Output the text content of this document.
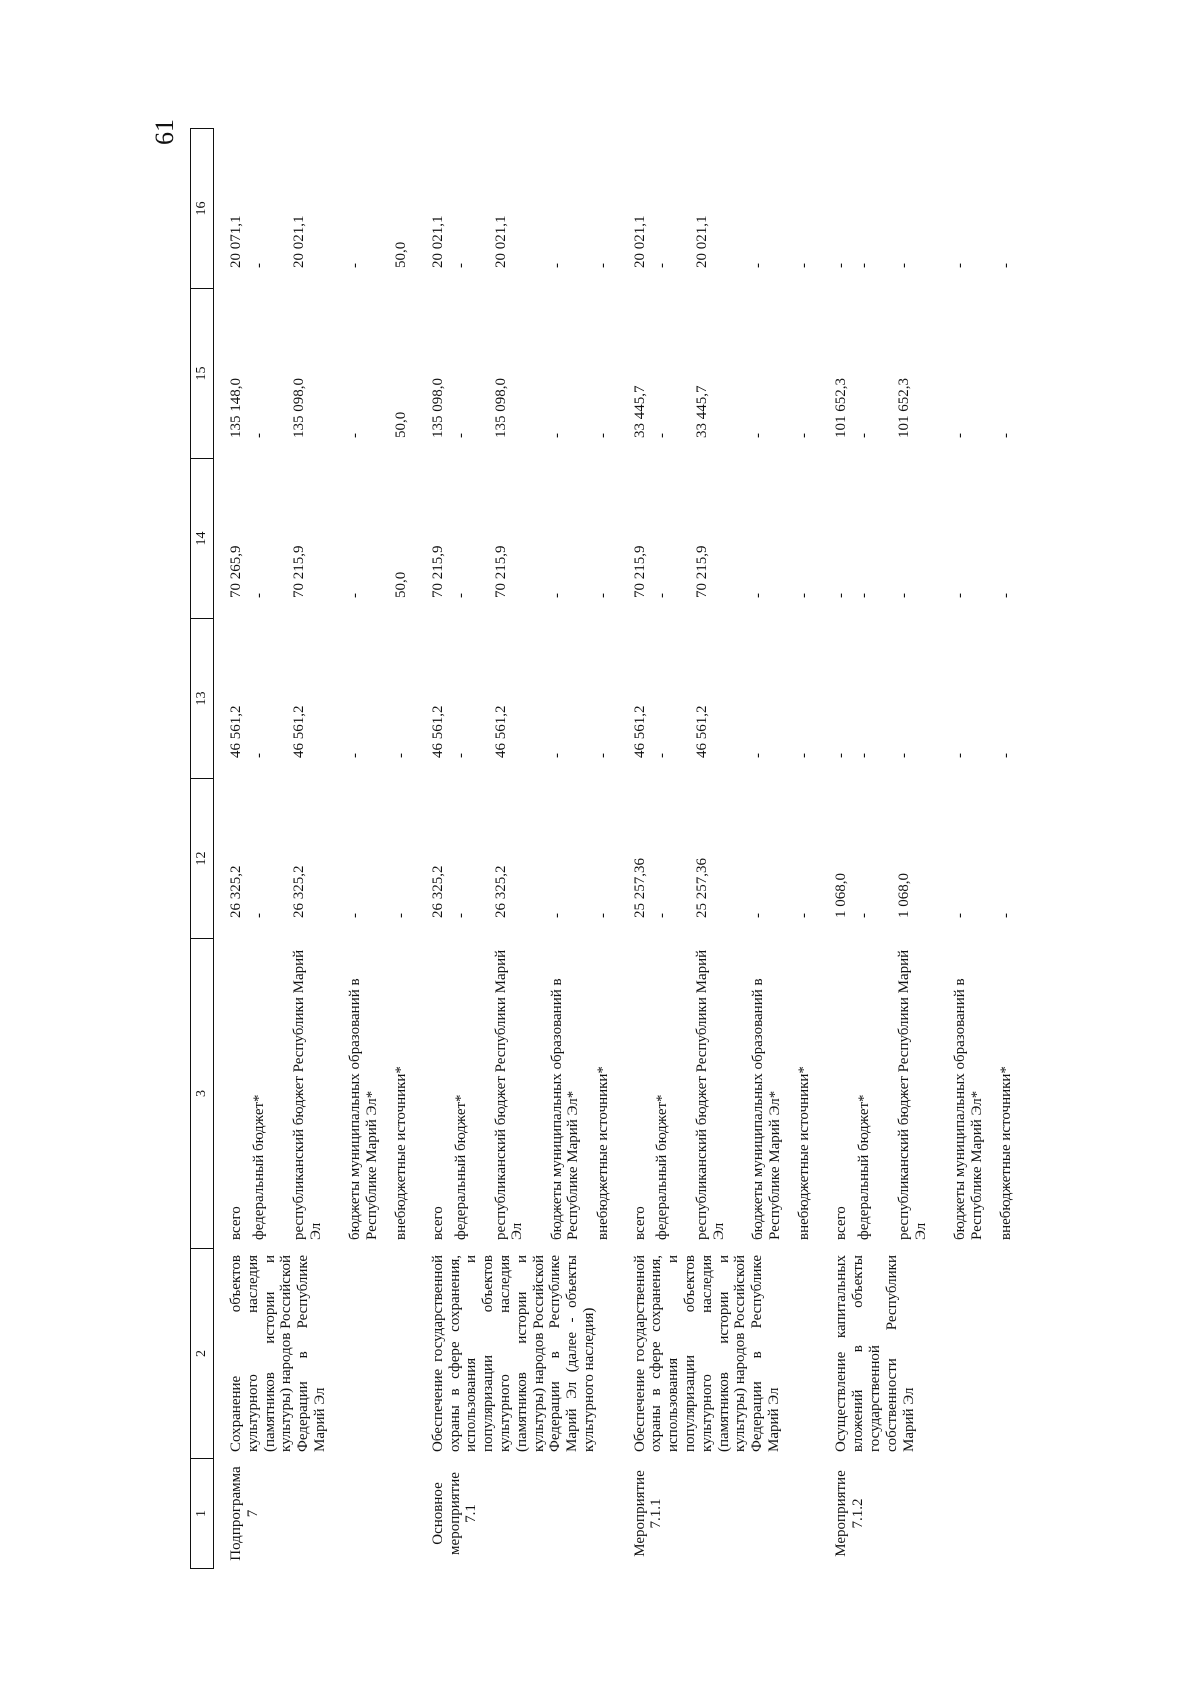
61
1	2	3	12	13	14	15	16
Подпрограмма 7	Сохранение объектов культурного наследия (памятников истории и культуры) народов Российской Федерации в Республике Марий Эл	всего	26 325,2	46 561,2	70 265,9	135 148,0	20 071,1
		федеральный бюджет*	-	-	-	-	-
		республиканский бюджет Республики Марий Эл	26 325,2	46 561,2	70 215,9	135 098,0	20 021,1
		бюджеты муниципальных образований в Республике Марий Эл*	-	-	-	-	-
		внебюджетные источники*	-	-	50,0	50,0	50,0
Основное мероприятие 7.1	Обеспечение государственной охраны в сфере сохранения, использования и популяризации объектов культурного наследия (памятников истории и культуры) народов Российской Федерации в Республике Марий Эл (далее - объекты культурного наследия)	всего	26 325,2	46 561,2	70 215,9	135 098,0	20 021,1
		федеральный бюджет*	-	-	-	-	-
		республиканский бюджет Республики Марий Эл	26 325,2	46 561,2	70 215,9	135 098,0	20 021,1
		бюджеты муниципальных образований в Республике Марий Эл*	-	-	-	-	-
		внебюджетные источники*	-	-	-	-	-
Мероприятие 7.1.1	Обеспечение государственной охраны в сфере сохранения, использования и популяризации объектов культурного наследия (памятников истории и культуры) народов Российской Федерации в Республике Марий Эл	всего	25 257,36	46 561,2	70 215,9	33 445,7	20 021,1
		федеральный бюджет*	-	-	-	-	-
		республиканский бюджет Республики Марий Эл	25 257,36	46 561,2	70 215,9	33 445,7	20 021,1
		бюджеты муниципальных образований в Республике Марий Эл*	-	-	-	-	-
		внебюджетные источники*	-	-	-	-	-
Мероприятие 7.1.2	Осуществление капитальных вложений в объекты государственной собственности Республики Марий Эл	всего	1 068,0	-	-	101 652,3	-
		федеральный бюджет*	-	-	-	-	-
		республиканский бюджет Республики Марий Эл	1 068,0	-	-	101 652,3	-
		бюджеты муниципальных образований в Республике Марий Эл*	-	-	-	-	-
		внебюджетные источники*	-	-	-	-	-
